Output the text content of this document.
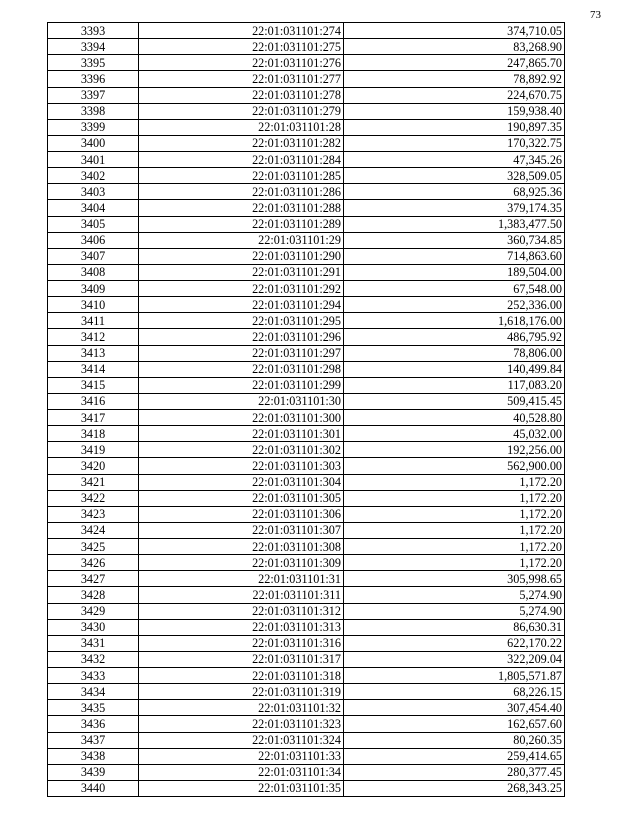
73
3393	22:01:031101:274	374,710.05
3394	22:01:031101:275	83,268.90
3395	22:01:031101:276	247,865.70
3396	22:01:031101:277	78,892.92
3397	22:01:031101:278	224,670.75
3398	22:01:031101:279	159,938.40
3399	22:01:031101:28	190,897.35
3400	22:01:031101:282	170,322.75
3401	22:01:031101:284	47,345.26
3402	22:01:031101:285	328,509.05
3403	22:01:031101:286	68,925.36
3404	22:01:031101:288	379,174.35
3405	22:01:031101:289	1,383,477.50
3406	22:01:031101:29	360,734.85
3407	22:01:031101:290	714,863.60
3408	22:01:031101:291	189,504.00
3409	22:01:031101:292	67,548.00
3410	22:01:031101:294	252,336.00
3411	22:01:031101:295	1,618,176.00
3412	22:01:031101:296	486,795.92
3413	22:01:031101:297	78,806.00
3414	22:01:031101:298	140,499.84
3415	22:01:031101:299	117,083.20
3416	22:01:031101:30	509,415.45
3417	22:01:031101:300	40,528.80
3418	22:01:031101:301	45,032.00
3419	22:01:031101:302	192,256.00
3420	22:01:031101:303	562,900.00
3421	22:01:031101:304	1,172.20
3422	22:01:031101:305	1,172.20
3423	22:01:031101:306	1,172.20
3424	22:01:031101:307	1,172.20
3425	22:01:031101:308	1,172.20
3426	22:01:031101:309	1,172.20
3427	22:01:031101:31	305,998.65
3428	22:01:031101:311	5,274.90
3429	22:01:031101:312	5,274.90
3430	22:01:031101:313	86,630.31
3431	22:01:031101:316	622,170.22
3432	22:01:031101:317	322,209.04
3433	22:01:031101:318	1,805,571.87
3434	22:01:031101:319	68,226.15
3435	22:01:031101:32	307,454.40
3436	22:01:031101:323	162,657.60
3437	22:01:031101:324	80,260.35
3438	22:01:031101:33	259,414.65
3439	22:01:031101:34	280,377.45
3440	22:01:031101:35	268,343.25
